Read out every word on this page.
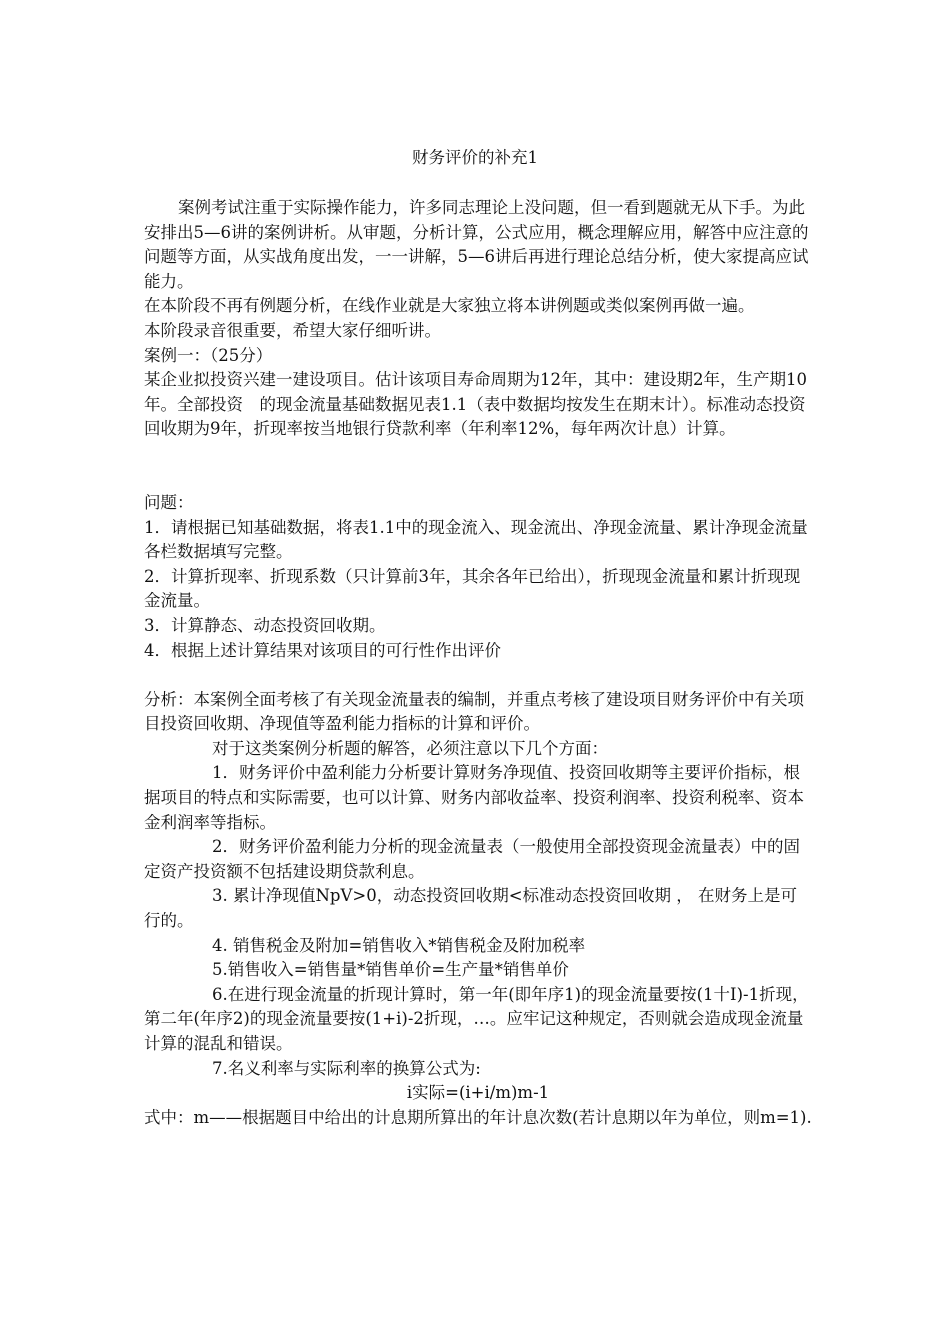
财务评价的补充1

案例考试注重于实际操作能力，许多同志理论上没问题，但一看到题就无从下手。为此安排出5—6讲的案例讲析。从审题，分析计算，公式应用，概念理解应用，解答中应注意的问题等方面，从实战角度出发，一一讲解，5—6讲后再进行理论总结分析，使大家提高应试能力。

在本阶段不再有例题分析，在线作业就是大家独立将本讲例题或类似案例再做一遍。

本阶段录音很重要，希望大家仔细听讲。

案例一：（25分）

某企业拟投资兴建一建设项目。估计该项目寿命周期为12年，其中：建设期2年，生产期10年。全部投资　的现金流量基础数据见表1.1（表中数据均按发生在期末计）。标准动态投资回收期为9年，折现率按当地银行贷款利率（年利率12%，每年两次计息）计算。

问题：

1．请根据已知基础数据，将表1.1中的现金流入、现金流出、净现金流量、累计净现金流量各栏数据填写完整。

2．计算折现率、折现系数（只计算前3年，其余各年已给出），折现现金流量和累计折现现金流量。

3．计算静态、动态投资回收期。

4．根据上述计算结果对该项目的可行性作出评价

分析：本案例全面考核了有关现金流量表的编制，并重点考核了建设项目财务评价中有关项目投资回收期、净现值等盈利能力指标的计算和评价。

对于这类案例分析题的解答，必须注意以下几个方面：

1．财务评价中盈利能力分析要计算财务净现值、投资回收期等主要评价指标，根据项目的特点和实际需要，也可以计算、财务内部收益率、投资利润率、投资利税率、资本金利润率等指标。

2．财务评价盈利能力分析的现金流量表（一般使用全部投资现金流量表）中的固定资产投资额不包括建设期贷款利息。

3. 累计净现值NpV>0，动态投资回收期<标准动态投资回收期 ， 在财务上是可行的。

4. 销售税金及附加=销售收入*销售税金及附加税率

5.销售收入=销售量*销售单价=生产量*销售单价

6.在进行现金流量的折现计算时，第一年(即年序1)的现金流量要按(1十I)-1折现，第二年(年序2)的现金流量要按(1+i)-2折现，…。应牢记这种规定，否则就会造成现金流量计算的混乱和错误。

7.名义利率与实际利率的换算公式为:

i实际=(i+i/m)m-1

式中：m——根据题目中给出的计息期所算出的年计息次数(若计息期以年为单位，则m=1).
